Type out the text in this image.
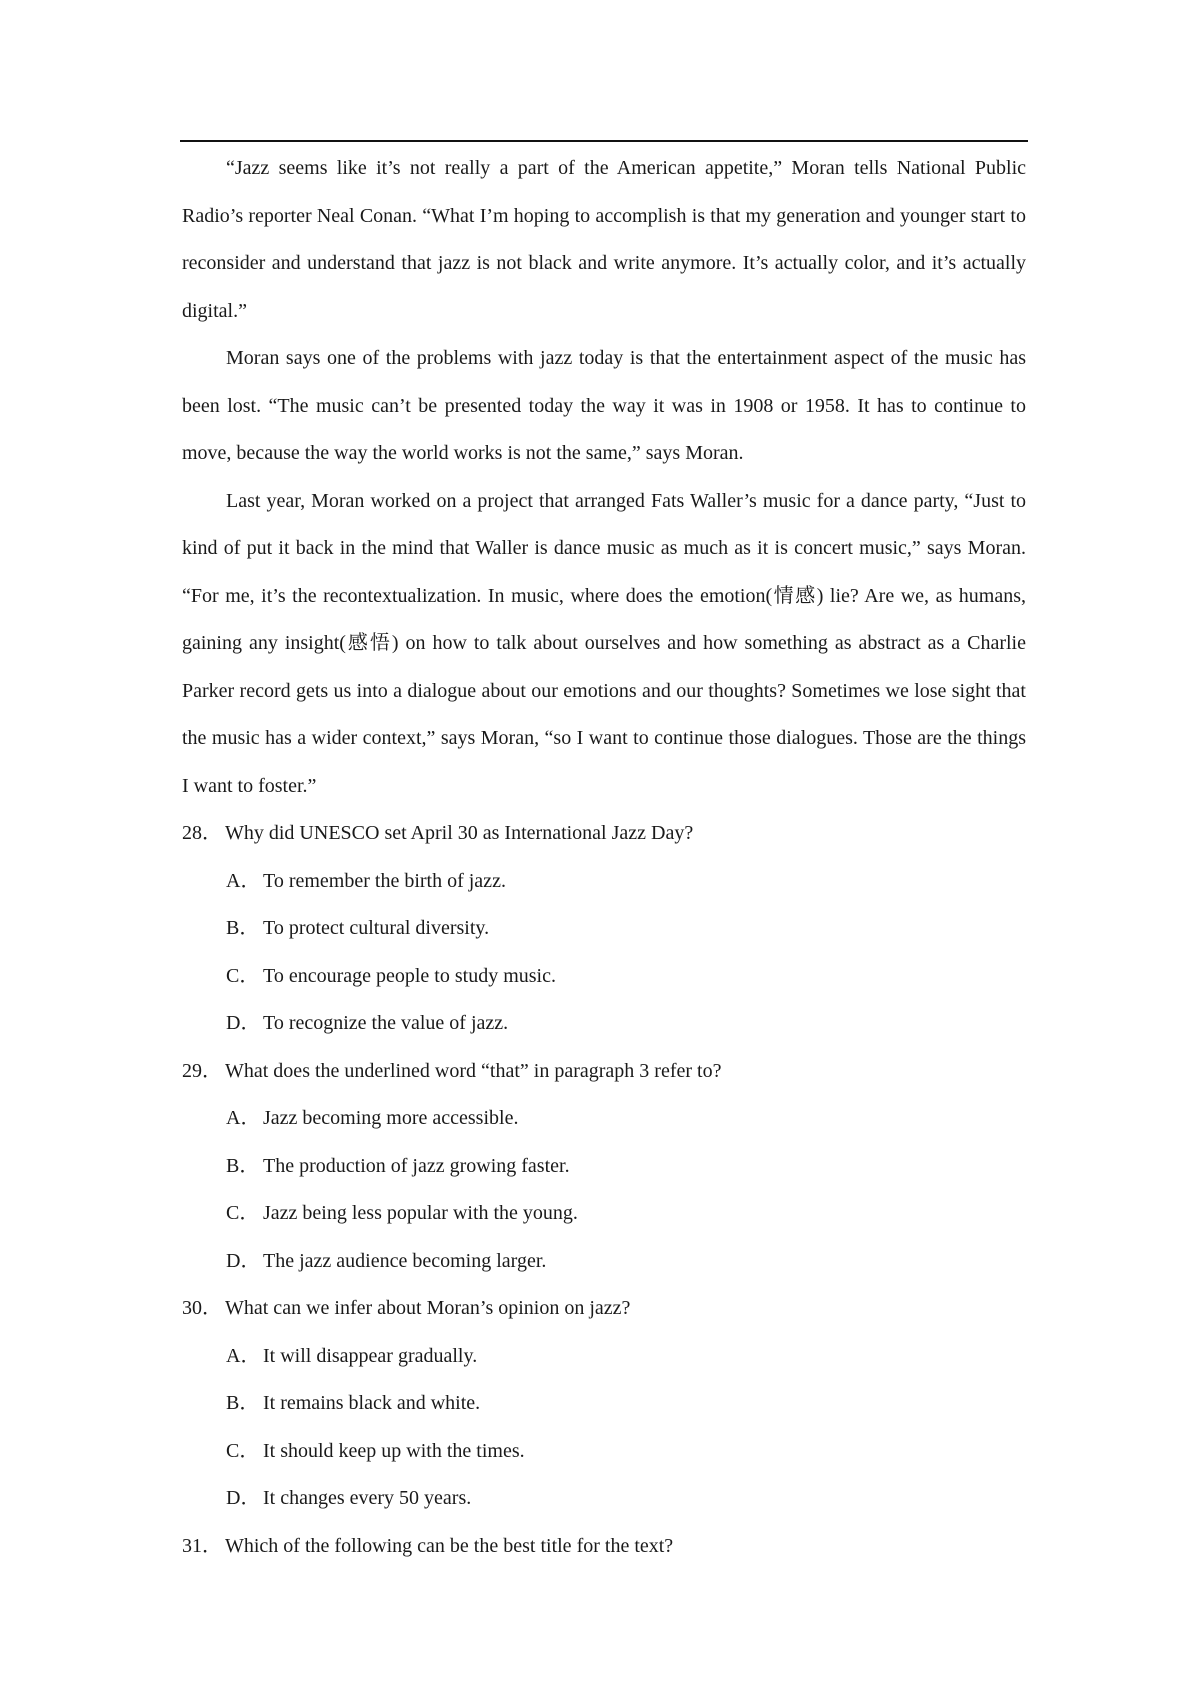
“Jazz seems like it’s not really a part of the American appetite,” Moran tells National Public Radio’s reporter Neal Conan. “What I’m hoping to accomplish is that my generation and younger start to reconsider and understand that jazz is not black and write anymore. It’s actually color, and it’s actually digital.”

Moran says one of the problems with jazz today is that the entertainment aspect of the music has been lost. “The music can’t be presented today the way it was in 1908 or 1958. It has to continue to move, because the way the world works is not the same,” says Moran.

Last year, Moran worked on a project that arranged Fats Waller’s music for a dance party, “Just to kind of put it back in the mind that Waller is dance music as much as it is concert music,” says Moran. “For me, it’s the recontextualization. In music, where does the emotion(情感) lie? Are we, as humans, gaining any insight(感悟) on how to talk about ourselves and how something as abstract as a Charlie Parker record gets us into a dialogue about our emotions and our thoughts? Sometimes we lose sight that the music has a wider context,” says Moran, “so I want to continue those dialogues. Those are the things I want to foster.”

28． Why did UNESCO set April 30 as International Jazz Day?

A． To remember the birth of jazz.

B． To protect cultural diversity.

C． To encourage people to study music.

D． To recognize the value of jazz.

29． What does the underlined word “that” in paragraph 3 refer to?

A． Jazz becoming more accessible.

B． The production of jazz growing faster.

C． Jazz being less popular with the young.

D． The jazz audience becoming larger.

30． What can we infer about Moran’s opinion on jazz?

A． It will disappear gradually.

B． It remains black and white.

C． It should keep up with the times.

D． It changes every 50 years.

31． Which of the following can be the best title for the text?
